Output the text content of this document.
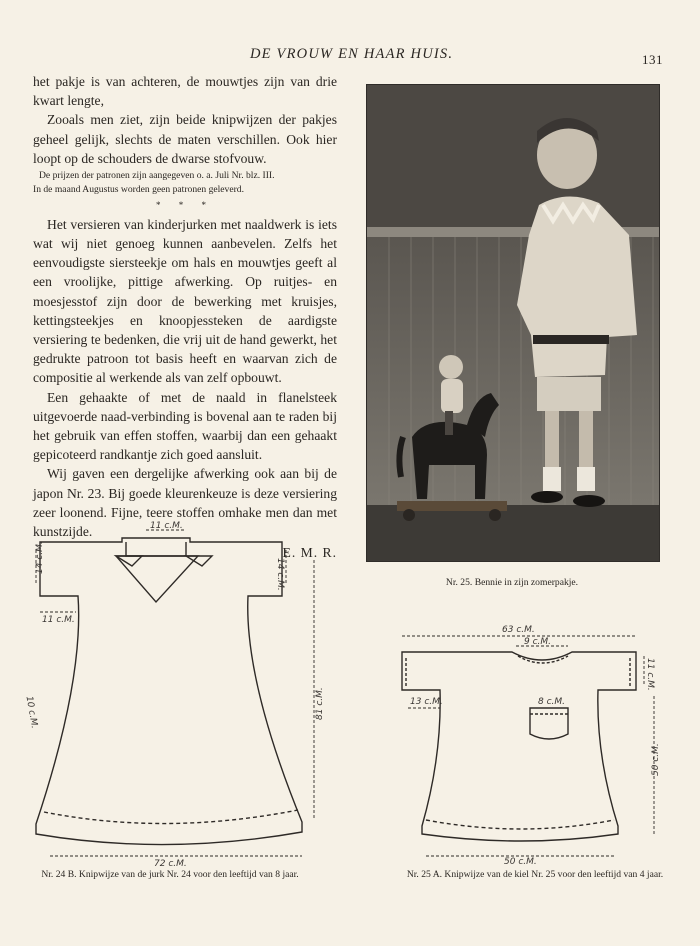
DE VROUW EN HAAR HUIS.	131

het pakje is van achteren, de mouwtjes zijn van drie kwart lengte,

Zooals men ziet, zijn beide knipwijzen der pakjes geheel gelijk, slechts de maten verschillen. Ook hier loopt op de schouders de dwarse stofvouw.

De prijzen der patronen zijn aangegeven o. a. Juli Nr. blz. III.

In de maand Augustus worden geen patronen geleverd.

* * *

Het versieren van kinderjurken met naaldwerk is iets wat wij niet genoeg kunnen aanbevelen. Zelfs het eenvoudigste siersteekje om hals en mouwtjes geeft al een vroolijke, pittige afwerking. Op ruitjes- en moesjesstof zijn door de bewerking met kruisjes, kettingsteekjes en knoopjessteken de aardigste versiering te bedenken, die vrij uit de hand gewerkt, het gedrukte patroon tot basis heeft en waarvan zich de compositie al werkende als van zelf opbouwt.

Een gehaakte of met de naald in flanelsteek uitgevoerde naad-verbinding is bovenal aan te raden bij het gebruik van effen stoffen, waarbij dan een gehaakt gepicoteerd randkantje zich goed aansluit.

Wij gaven een dergelijke afwerking ook aan bij de japon Nr. 23. Bij goede kleurenkeuze is deze versiering zeer loonend. Fijne, teere stoffen omhake men dan met kunstzijde.

E. M. R.
Nr. 25. Bennie in zijn zomerpakje.
11 c.M.
14 c.M.
14 c.M.
11 c.M.
10 c.M.	81 c.M.
72 c.M.
Nr. 24 B. Knipwijze van de jurk Nr. 24 voor den leeftijd van 8 jaar.
63 c.M.
9 c.M.
11 c.M.
13 c.M.	8 c.M.
50 c.M.
50 c.M.
Nr. 25 A. Knipwijze van de kiel Nr. 25 voor den leeftijd van 4 jaar.
